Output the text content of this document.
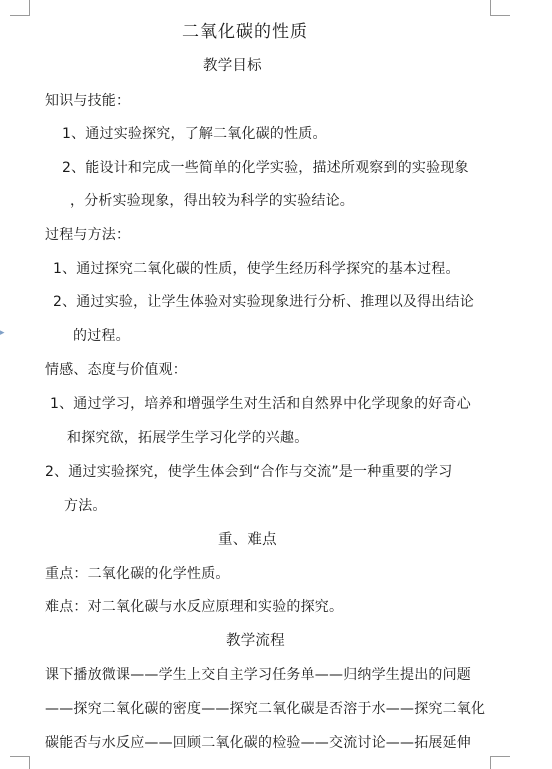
▸
二氧化碳的性质
教学目标
知识与技能：
1、通过实验探究，了解二氧化碳的性质。
2、能设计和完成一些简单的化学实验，描述所观察到的实验现象
，分析实验现象，得出较为科学的实验结论。
过程与方法：
1、通过探究二氧化碳的性质，使学生经历科学探究的基本过程。
2、通过实验，让学生体验对实验现象进行分析、推理以及得出结论
的过程。
情感、态度与价值观：
1、通过学习，培养和增强学生对生活和自然界中化学现象的好奇心
和探究欲，拓展学生学习化学的兴趣。
2、通过实验探究，使学生体会到“合作与交流”是一种重要的学习
方法。
重、难点
重点：二氧化碳的化学性质。
难点：对二氧化碳与水反应原理和实验的探究。
教学流程
课下播放微课——学生上交自主学习任务单——归纳学生提出的问题
——探究二氧化碳的密度——探究二氧化碳是否溶于水——探究二氧化
碳能否与水反应——回顾二氧化碳的检验——交流讨论——拓展延伸
